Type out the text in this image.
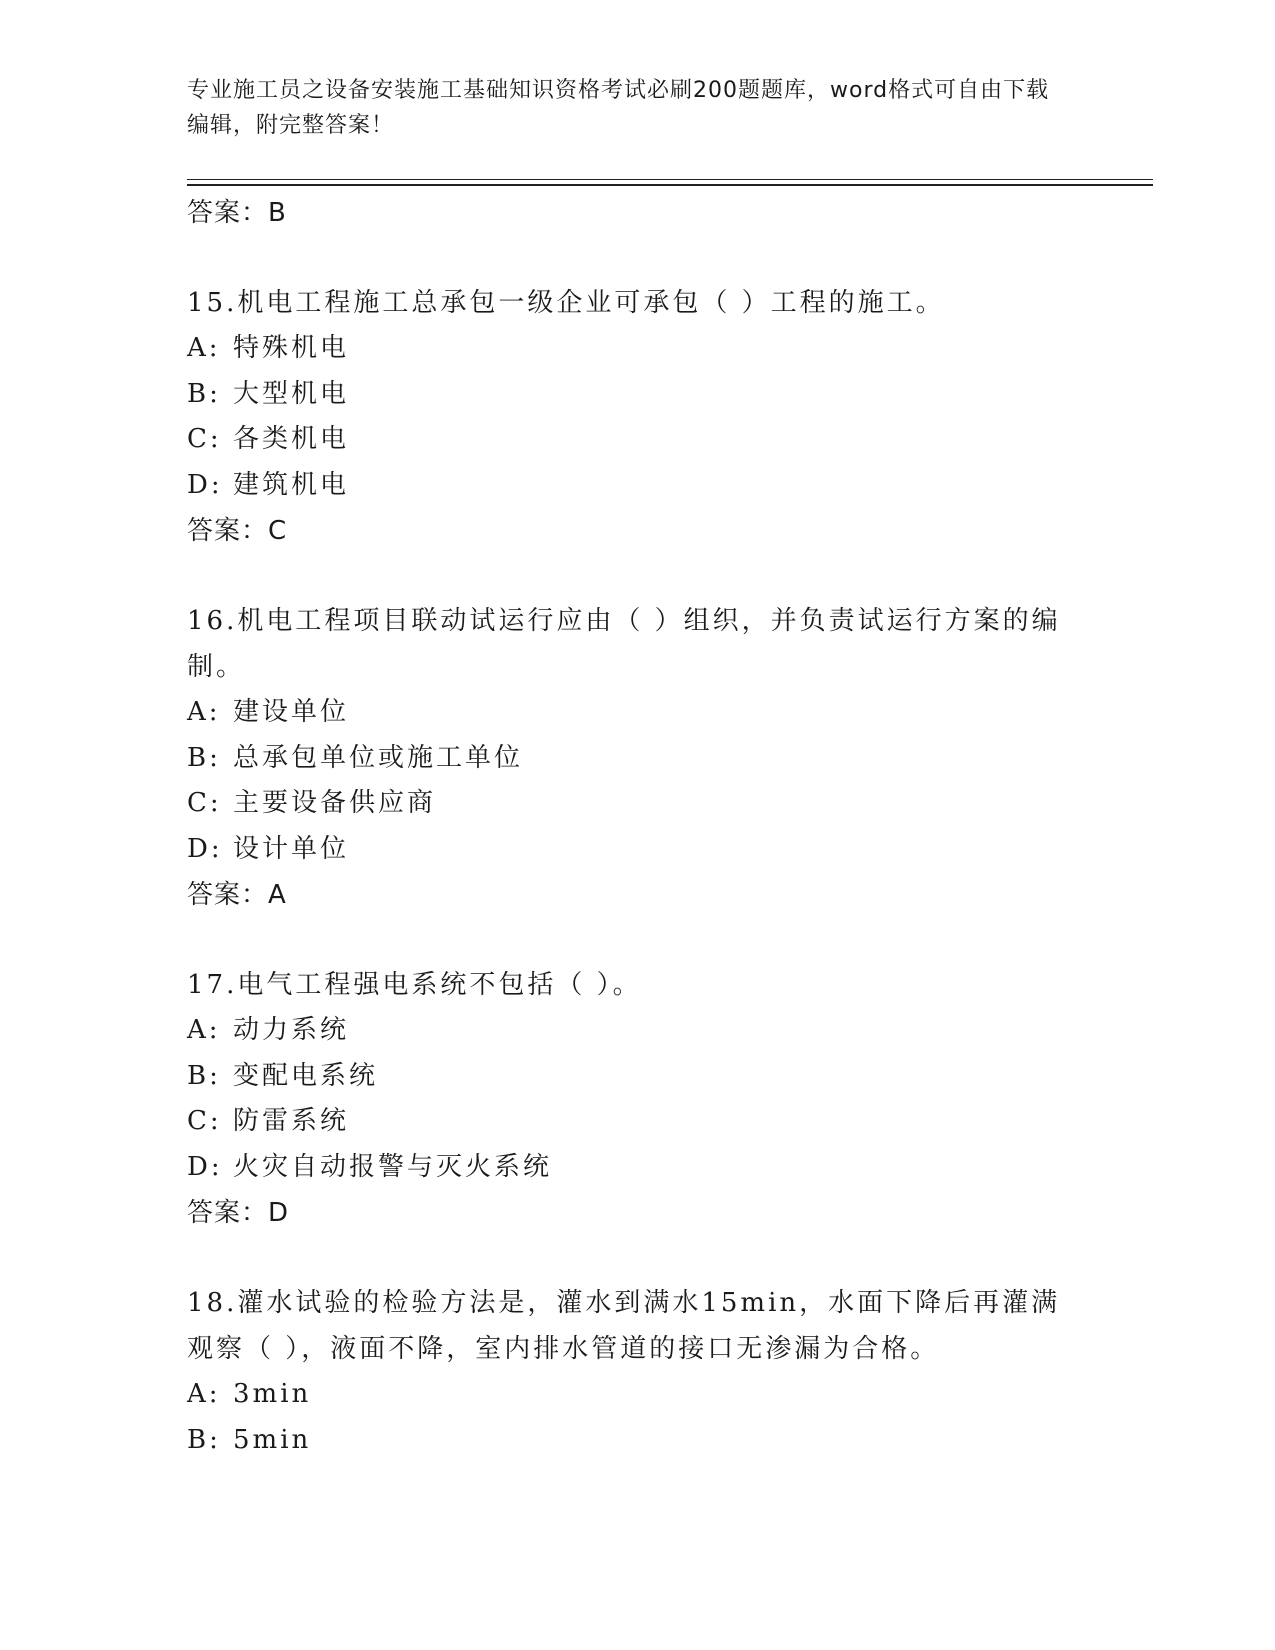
专业施工员之设备安装施工基础知识资格考试必刷200题题库，word格式可自由下载编辑，附完整答案！
答案：B
15.机电工程施工总承包一级企业可承包（ ）工程的施工。
A: 特殊机电
B: 大型机电
C: 各类机电
D: 建筑机电
答案：C
16.机电工程项目联动试运行应由（ ）组织，并负责试运行方案的编制。
A: 建设单位
B: 总承包单位或施工单位
C: 主要设备供应商
D: 设计单位
答案：A
17.电气工程强电系统不包括（ ）。
A: 动力系统
B: 变配电系统
C: 防雷系统
D: 火灾自动报警与灭火系统
答案：D
18.灌水试验的检验方法是，灌水到满水15min，水面下降后再灌满观察（ ），液面不降，室内排水管道的接口无渗漏为合格。
A: 3min
B: 5min
